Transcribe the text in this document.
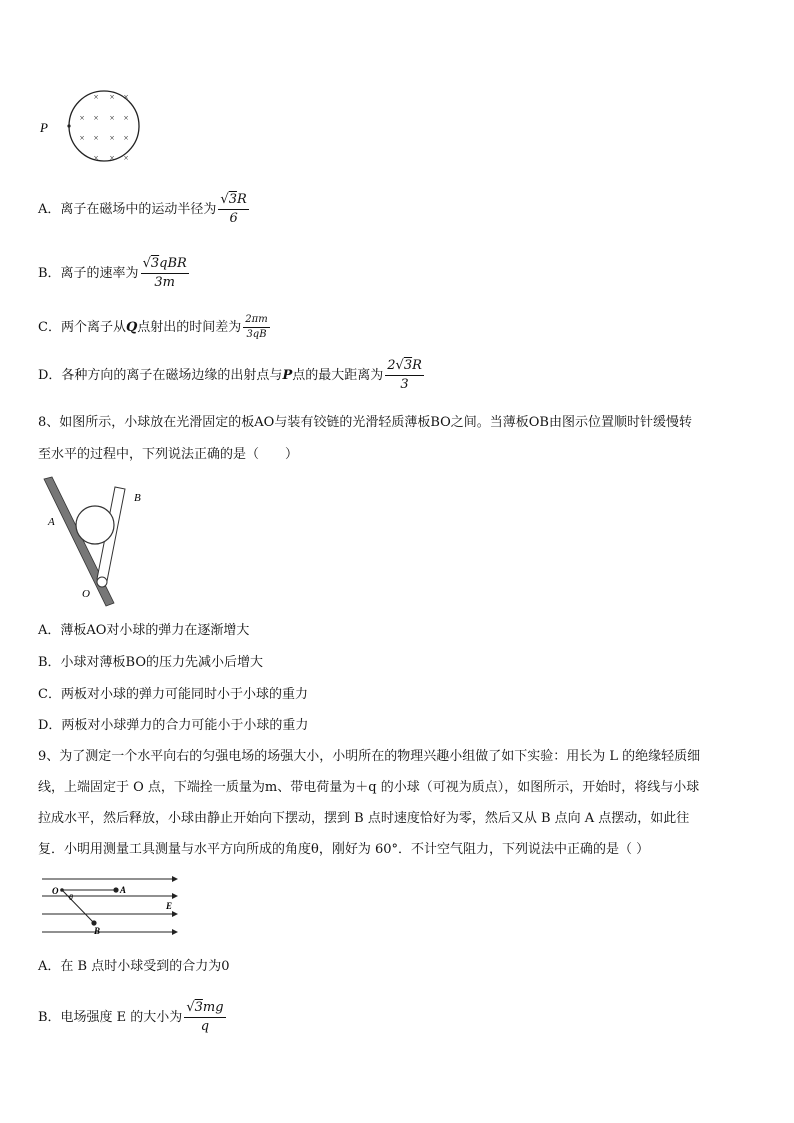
× × ×
× × × ×
× × × ×
× × ×
P
A．离子在磁场中的运动半径为 $\frac{√3R}{6}$
B．离子的速率为 $\frac{\text{√3qBR}}{3m}$
C．两个离子从Q点射出的时间差为 $\frac{2\pi m}{3qB}$
D．各种方向的离子在磁场边缘的出射点与P点的最大距离为 $\frac{2√3R}{3}$
8、如图所示，小球放在光滑固定的板AO与装有铰链的光滑轻质薄板BO之间。当薄板OB由图示位置顺时针缓慢转
至水平的过程中，下列说法正确的是（　　）
A
B
O
A．薄板AO对小球的弹力在逐渐增大
B．小球对薄板BO的压力先减小后增大
C．两板对小球的弹力可能同时小于小球的重力
D．两板对小球弹力的合力可能小于小球的重力
9、为了测定一个水平向右的匀强电场的场强大小，小明所在的物理兴趣小组做了如下实验：用长为 L 的绝缘轻质细
线，上端固定于 O 点，下端拴一质量为m、带电荷量为＋q 的小球（可视为质点），如图所示，开始时，将线与小球
拉成水平，然后释放，小球由静止开始向下摆动，摆到 B 点时速度恰好为零，然后又从 B 点向 A 点摆动，如此往
复．小明用测量工具测量与水平方向所成的角度θ，刚好为 60°．不计空气阻力，下列说法中正确的是（ ）
O
θ
A
B
E
A．在 B 点时小球受到的合力为0
B．电场强度 E 的大小为 $\frac{√3mg}{q}$
